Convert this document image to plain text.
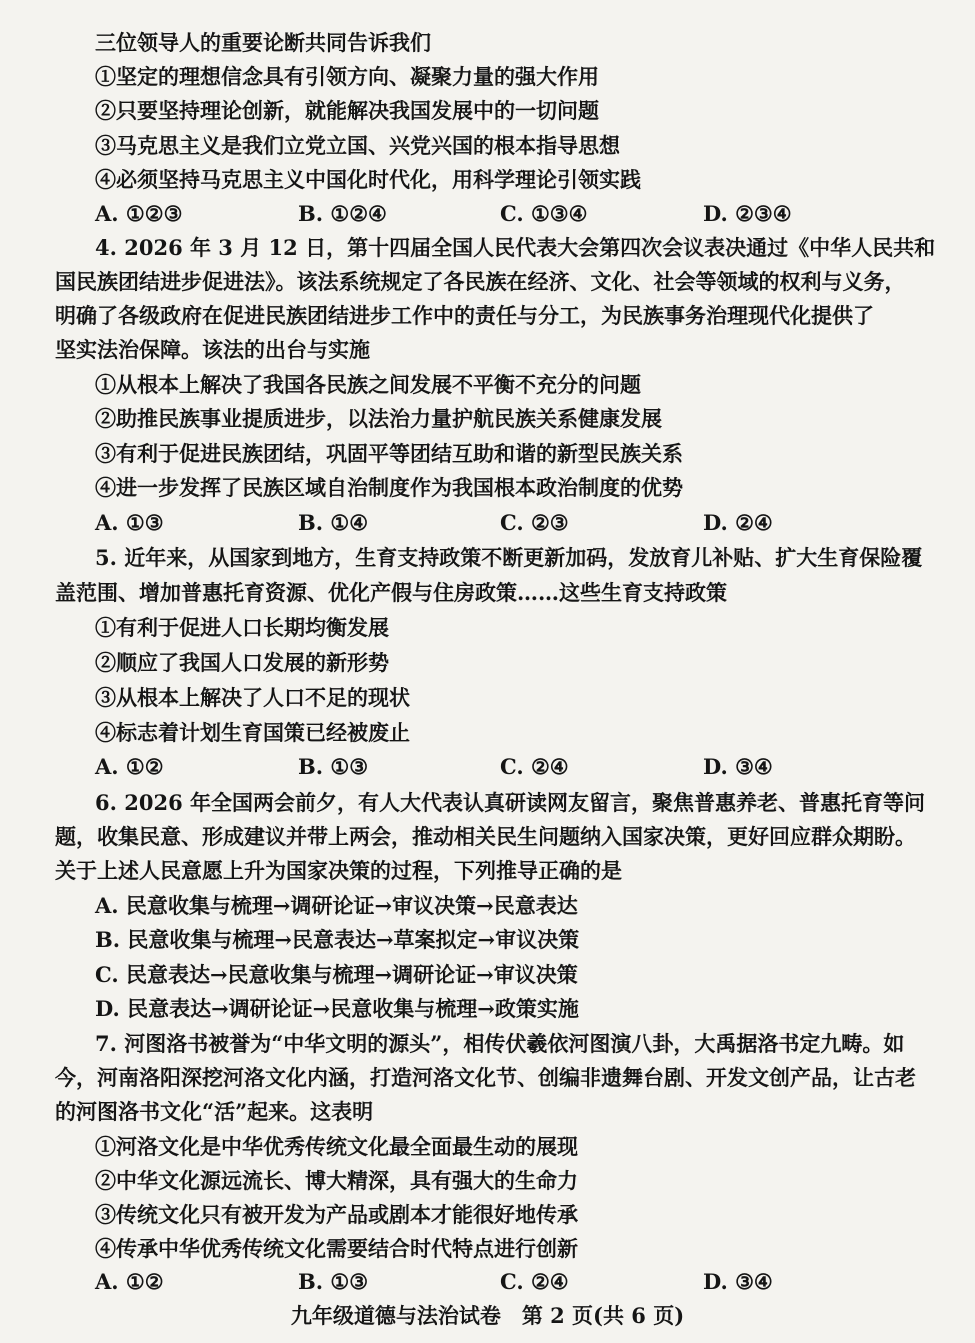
三位领导人的重要论断共同告诉我们
①坚定的理想信念具有引领方向、凝聚力量的强大作用
②只要坚持理论创新，就能解决我国发展中的一切问题
③马克思主义是我们立党立国、兴党兴国的根本指导思想
④必须坚持马克思主义中国化时代化，用科学理论引领实践
A. ①②③	B. ①②④	C. ①③④	D. ②③④
4. 2026 年 3 月 12 日，第十四届全国人民代表大会第四次会议表决通过《中华人民共和
国民族团结进步促进法》。该法系统规定了各民族在经济、文化、社会等领域的权利与义务，
明确了各级政府在促进民族团结进步工作中的责任与分工，为民族事务治理现代化提供了
坚实法治保障。该法的出台与实施
①从根本上解决了我国各民族之间发展不平衡不充分的问题
②助推民族事业提质进步，以法治力量护航民族关系健康发展
③有利于促进民族团结，巩固平等团结互助和谐的新型民族关系
④进一步发挥了民族区域自治制度作为我国根本政治制度的优势
A. ①③	B. ①④	C. ②③	D. ②④
5. 近年来，从国家到地方，生育支持政策不断更新加码，发放育儿补贴、扩大生育保险覆
盖范围、增加普惠托育资源、优化产假与住房政策……这些生育支持政策
①有利于促进人口长期均衡发展
②顺应了我国人口发展的新形势
③从根本上解决了人口不足的现状
④标志着计划生育国策已经被废止
A. ①②	B. ①③	C. ②④	D. ③④
6. 2026 年全国两会前夕，有人大代表认真研读网友留言，聚焦普惠养老、普惠托育等问
题，收集民意、形成建议并带上两会，推动相关民生问题纳入国家决策，更好回应群众期盼。
关于上述人民意愿上升为国家决策的过程，下列推导正确的是
A. 民意收集与梳理→调研论证→审议决策→民意表达
B. 民意收集与梳理→民意表达→草案拟定→审议决策
C. 民意表达→民意收集与梳理→调研论证→审议决策
D. 民意表达→调研论证→民意收集与梳理→政策实施
7. 河图洛书被誉为“中华文明的源头”，相传伏羲依河图演八卦，大禹据洛书定九畴。如
今，河南洛阳深挖河洛文化内涵，打造河洛文化节、创编非遗舞台剧、开发文创产品，让古老
的河图洛书文化“活”起来。这表明
①河洛文化是中华优秀传统文化最全面最生动的展现
②中华文化源远流长、博大精深，具有强大的生命力
③传统文化只有被开发为产品或剧本才能很好地传承
④传承中华优秀传统文化需要结合时代特点进行创新
A. ①②	B. ①③	C. ②④	D. ③④
九年级道德与法治试卷　第 2 页(共 6 页)
